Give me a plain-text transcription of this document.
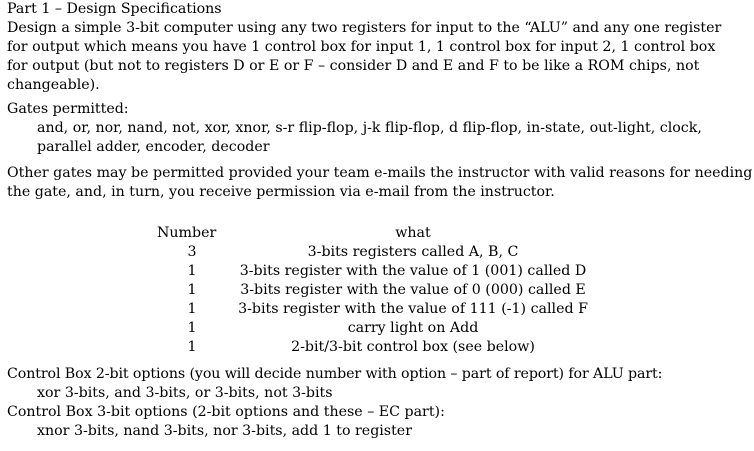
Part 1 – Design Specifications
Design a simple 3-bit computer using any two registers for input to the “ALU” and any one register
for output which means you have 1 control box for input 1, 1 control box for input 2, 1 control box
for output (but not to registers D or E or F – consider D and E and F to be like a ROM chips, not
changeable).
Gates permitted:
and, or, nor, nand, not, xor, xnor, s-r flip-flop, j-k flip-flop, d flip-flop, in-state, out-light, clock,
parallel adder, encoder, decoder
Other gates may be permitted provided your team e-mails the instructor with valid reasons for needing
the gate, and, in turn, you receive permission via e-mail from the instructor.
Number	what
3	3-bits registers called A, B, C
1	3-bits register with the value of 1 (001) called D
1	3-bits register with the value of 0 (000) called E
1	3-bits register with the value of 111 (-1) called F
1	carry light on Add
1	2-bit/3-bit control box (see below)
Control Box 2-bit options (you will decide number with option – part of report) for ALU part:
xor 3-bits, and 3-bits, or 3-bits, not 3-bits
Control Box 3-bit options (2-bit options and these – EC part):
xnor 3-bits, nand 3-bits, nor 3-bits, add 1 to register
